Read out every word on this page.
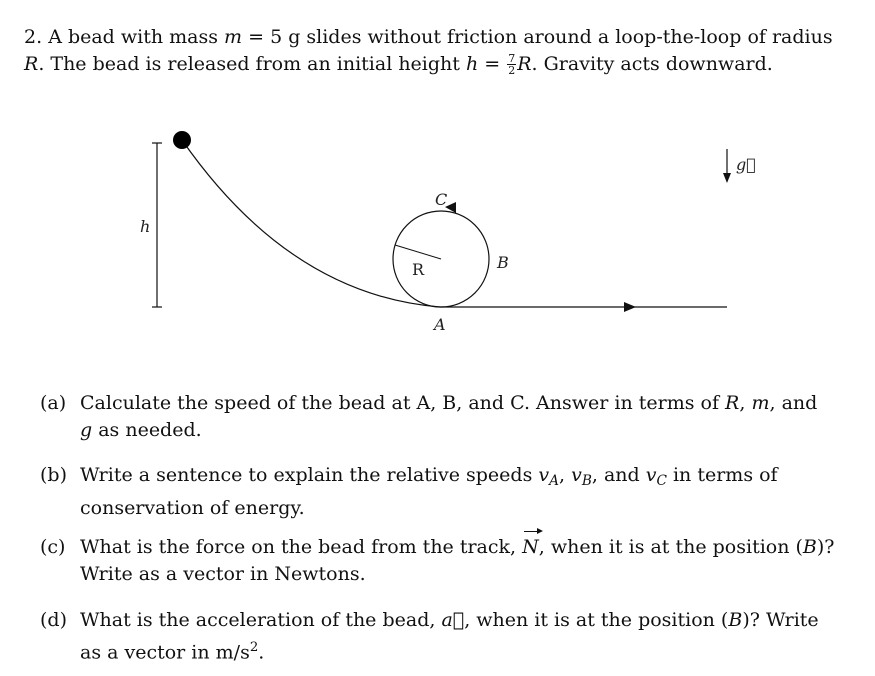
2. A bead with mass m = 5 g slides without friction around a loop-the-loop of radius
R. The bead is released from an initial height $h = \frac{7}{2} R$. Gravity acts downward.
h
R
C
B
A
g⃗
(a) Calculate the speed of the bead at A, B, and C. Answer in terms of R, m, and
g as needed.
(b) Write a sentence to explain the relative speeds $v_A$, $v_B$, and $v_C$ in terms of conservation of energy.
(c) What is the force on the bead from the track, N, when it is at the position (B)? Write as a vector in Newtons.
(d) What is the acceleration of the bead, a⃗, when it is at the position (B)? Write as a vector in $m/s^2$.
